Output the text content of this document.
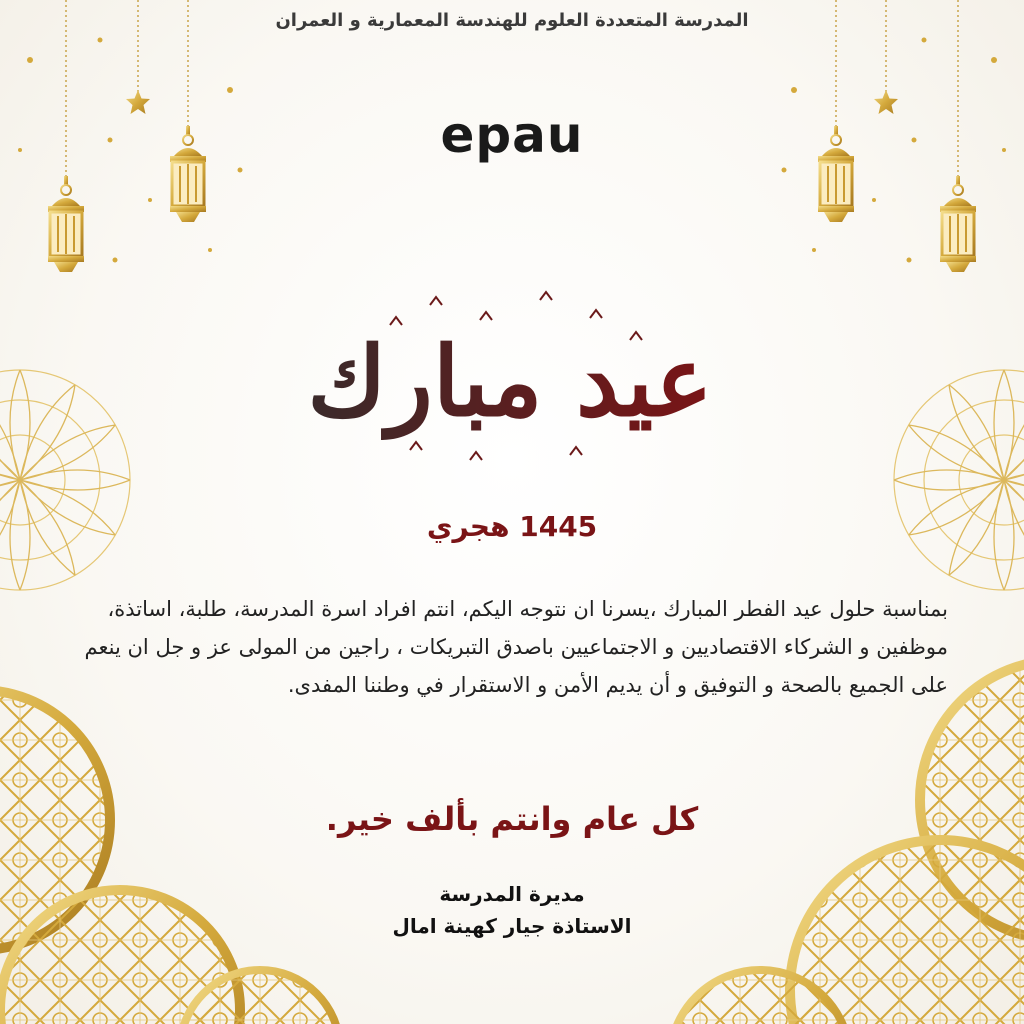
المدرسة المتعددة العلوم للهندسة المعمارية و العمران
epau
عيد مبارك
1445 هجري
بمناسبة حلول عيد الفطر المبارك ،يسرنا ان نتوجه اليكم، انتم افراد اسرة المدرسة، طلبة، اساتذة، موظفين و الشركاء الاقتصاديين و الاجتماعيين باصدق التبريكات ، راجين من المولى عز و جل ان ينعم على الجميع بالصحة و التوفيق و أن يديم الأمن و الاستقرار في وطننا المفدى.
كل عام وانتم بألف خير.
مديرة المدرسة
الاستاذة جيار كهينة امال
